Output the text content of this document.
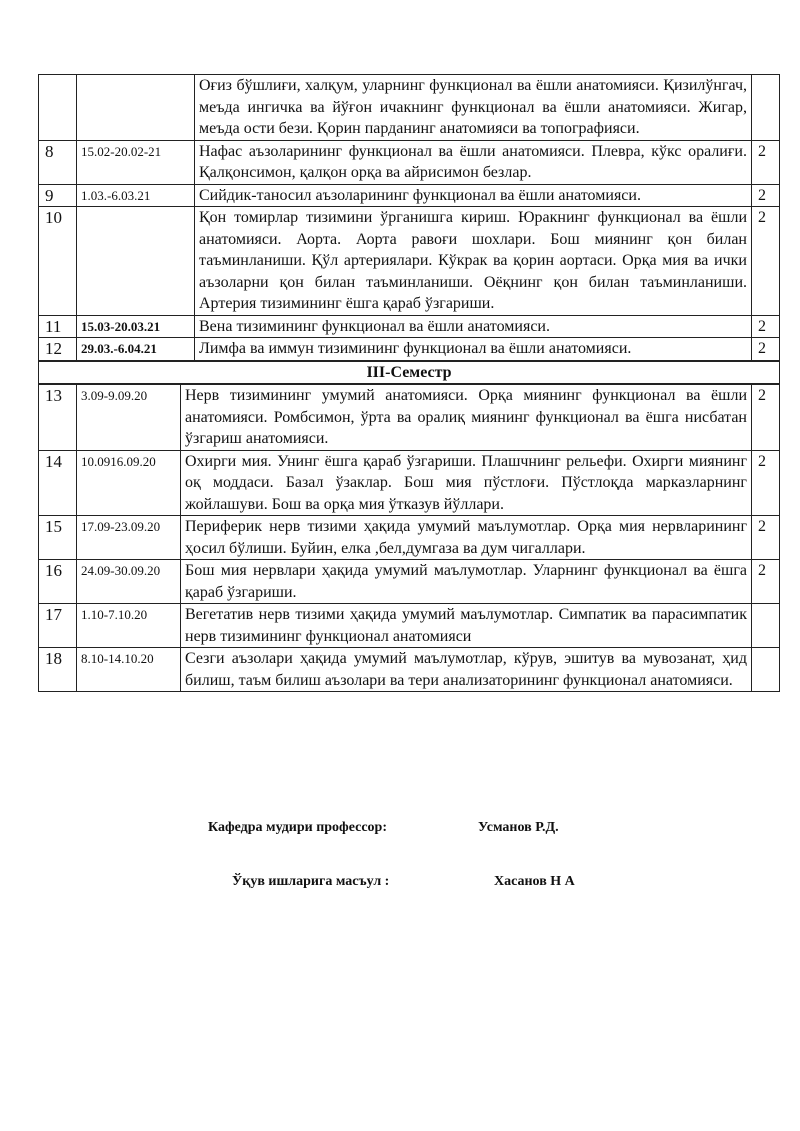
		Оғиз бўшлиғи, халқум, уларнинг функционал ва ёшли анатомияси. Қизилўнгач, меъда ингичка ва йўғон ичакнинг функционал ва ёшли анатомияси. Жигар, меъда ости бези. Қорин парданинг анатомияси ва топографияси.	
8	15.02-20.02-21	Нафас аъзоларининг функционал ва ёшли анатомияси. Плевра, кўкс оралиғи. Қалқонсимон, қалқон орқа ва айрисимон безлар.	2
9	1.03.-6.03.21	Сийдик-таносил аъзоларининг функционал ва ёшли анатомияси.	2
10		Қон томирлар тизимини ўрганишга кириш. Юракнинг функционал ва ёшли анатомияси. Аорта. Аорта равоғи шохлари. Бош миянинг қон билан таъминланиши. Қўл артериялари. Кўкрак ва қорин аортаси. Орқа мия ва ички аъзоларни қон билан таъминланиши. Оёқнинг қон билан таъминланиши. Артерия тизимининг ёшга қараб ўзгариши.	2
11	15.03-20.03.21	Вена тизимининг функционал ва ёшли анатомияси.	2
12	29.03.-6.04.21	Лимфа ва иммун тизимининг функционал ва ёшли анатомияси.	2
III-Семестр
13	3.09-9.09.20	Нерв тизимининг умумий анатомияси. Орқа миянинг функционал ва ёшли анатомияси. Ромбсимон, ўрта ва оралиқ миянинг функционал ва ёшга нисбатан ўзгариш анатомияси.	2
14	10.0916.09.20	Охирги мия. Унинг ёшга қараб ўзгариши. Плашчнинг рельефи. Охирги миянинг оқ моддаси. Базал ўзаклар. Бош мия пўстлоғи. Пўстлоқда марказларнинг жойлашуви. Бош ва орқа мия ўтказув йўллари.	2
15	17.09-23.09.20	Периферик нерв тизими ҳақида умумий маълумотлар. Орқа мия нервларининг ҳосил бўлиши. Буйин, елка ,бел,думгаза ва дум чигаллари.	2
16	24.09-30.09.20	Бош мия нервлари ҳақида умумий маълумотлар. Уларнинг функционал ва ёшга қараб ўзгариши.	2
17	1.10-7.10.20	Вегетатив нерв тизими ҳақида умумий маълумотлар. Симпатик ва парасимпатик нерв тизимининг функционал анатомияси	
18	8.10-14.10.20	Сезги аъзолари ҳақида умумий маълумотлар, кўрув, эшитув ва мувозанат, ҳид билиш, таъм билиш аъзолари ва тери анализаторининг функционал анатомияси.	
Кафедра мудири профессор:	Усманов Р.Д.
Ўқув ишларига масъул :	Хасанов Н А
